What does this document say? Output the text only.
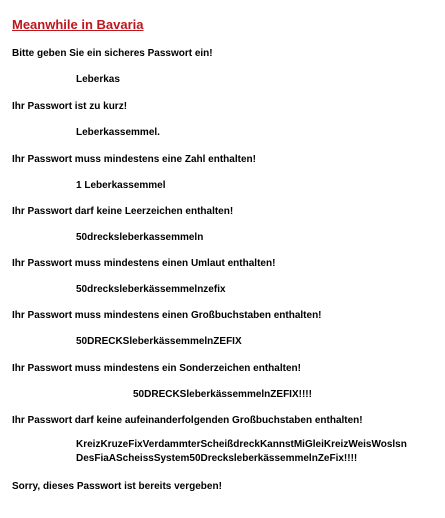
Meanwhile in Bavaria
Bitte geben Sie ein sicheres Passwort ein!
Leberkas
Ihr Passwort ist zu kurz!
Leberkassemmel.
Ihr Passwort muss mindestens eine Zahl enthalten!
1 Leberkassemmel
Ihr Passwort darf keine Leerzeichen enthalten!
50drecksleberkassemmeln
Ihr Passwort muss mindestens einen Umlaut enthalten!
50drecksleberkässemmelnzefix
Ihr Passwort muss mindestens einen Großbuchstaben enthalten!
50DRECKSleberkässemmelnZEFIX
Ihr Passwort muss mindestens ein Sonderzeichen enthalten!
50DRECKSleberkässemmelnZEFIX!!!!
Ihr Passwort darf keine aufeinanderfolgenden Großbuchstaben enthalten!
KreizKruzeFixVerdammterScheißdreckKannstMiGleiKreizWeisWoslsn
DesFiaAScheissSystem50DrecksleberkässemmelnZeFix!!!!
Sorry, dieses Passwort ist bereits vergeben!
